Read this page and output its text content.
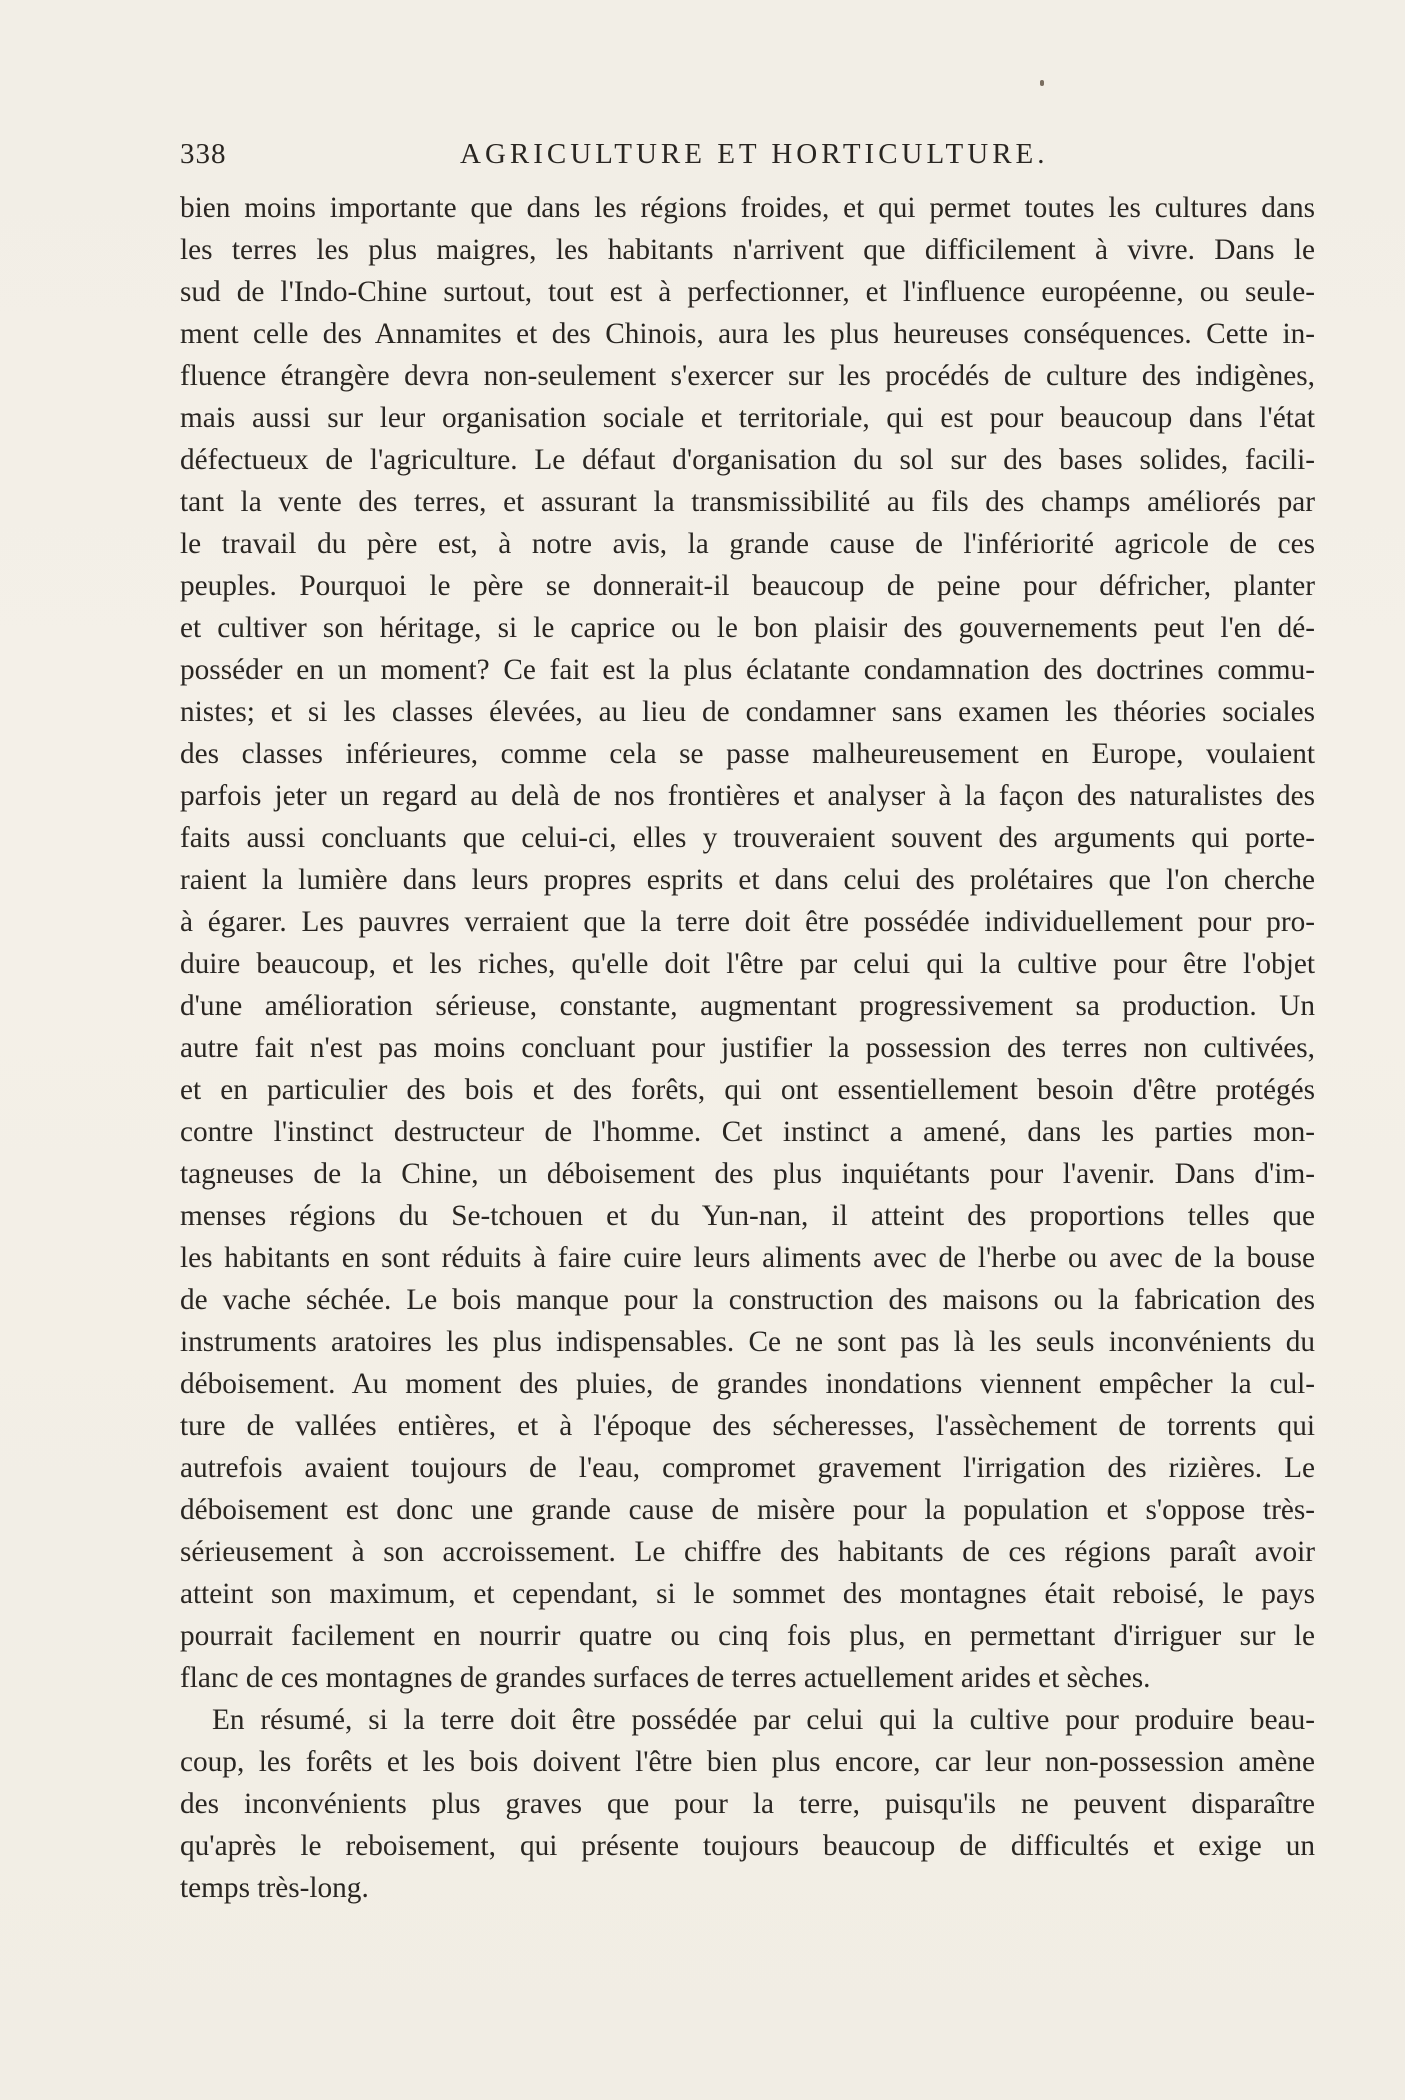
338	AGRICULTURE ET HORTICULTURE.

bien moins importante que dans les régions froides, et qui permet toutes les cultures dans
les terres les plus maigres, les habitants n'arrivent que difficilement à vivre. Dans le
sud de l'Indo-Chine surtout, tout est à perfectionner, et l'influence européenne, ou seule-
ment celle des Annamites et des Chinois, aura les plus heureuses conséquences. Cette in-
fluence étrangère devra non-seulement s'exercer sur les procédés de culture des indigènes,
mais aussi sur leur organisation sociale et territoriale, qui est pour beaucoup dans l'état
défectueux de l'agriculture. Le défaut d'organisation du sol sur des bases solides, facili-
tant la vente des terres, et assurant la transmissibilité au fils des champs améliorés par
le travail du père est, à notre avis, la grande cause de l'infériorité agricole de ces
peuples. Pourquoi le père se donnerait-il beaucoup de peine pour défricher, planter
et cultiver son héritage, si le caprice ou le bon plaisir des gouvernements peut l'en dé-
posséder en un moment? Ce fait est la plus éclatante condamnation des doctrines commu-
nistes; et si les classes élevées, au lieu de condamner sans examen les théories sociales
des classes inférieures, comme cela se passe malheureusement en Europe, voulaient
parfois jeter un regard au delà de nos frontières et analyser à la façon des naturalistes des
faits aussi concluants que celui-ci, elles y trouveraient souvent des arguments qui porte-
raient la lumière dans leurs propres esprits et dans celui des prolétaires que l'on cherche
à égarer. Les pauvres verraient que la terre doit être possédée individuellement pour pro-
duire beaucoup, et les riches, qu'elle doit l'être par celui qui la cultive pour être l'objet
d'une amélioration sérieuse, constante, augmentant progressivement sa production. Un
autre fait n'est pas moins concluant pour justifier la possession des terres non cultivées,
et en particulier des bois et des forêts, qui ont essentiellement besoin d'être protégés
contre l'instinct destructeur de l'homme. Cet instinct a amené, dans les parties mon-
tagneuses de la Chine, un déboisement des plus inquiétants pour l'avenir. Dans d'im-
menses régions du Se-tchouen et du Yun-nan, il atteint des proportions telles que
les habitants en sont réduits à faire cuire leurs aliments avec de l'herbe ou avec de la bouse
de vache séchée. Le bois manque pour la construction des maisons ou la fabrication des
instruments aratoires les plus indispensables. Ce ne sont pas là les seuls inconvénients du
déboisement. Au moment des pluies, de grandes inondations viennent empêcher la cul-
ture de vallées entières, et à l'époque des sécheresses, l'assèchement de torrents qui
autrefois avaient toujours de l'eau, compromet gravement l'irrigation des rizières. Le
déboisement est donc une grande cause de misère pour la population et s'oppose très-
sérieusement à son accroissement. Le chiffre des habitants de ces régions paraît avoir
atteint son maximum, et cependant, si le sommet des montagnes était reboisé, le pays
pourrait facilement en nourrir quatre ou cinq fois plus, en permettant d'irriguer sur le
flanc de ces montagnes de grandes surfaces de terres actuellement arides et sèches.

En résumé, si la terre doit être possédée par celui qui la cultive pour produire beau-
coup, les forêts et les bois doivent l'être bien plus encore, car leur non-possession amène
des inconvénients plus graves que pour la terre, puisqu'ils ne peuvent disparaître
qu'après le reboisement, qui présente toujours beaucoup de difficultés et exige un
temps très-long.
